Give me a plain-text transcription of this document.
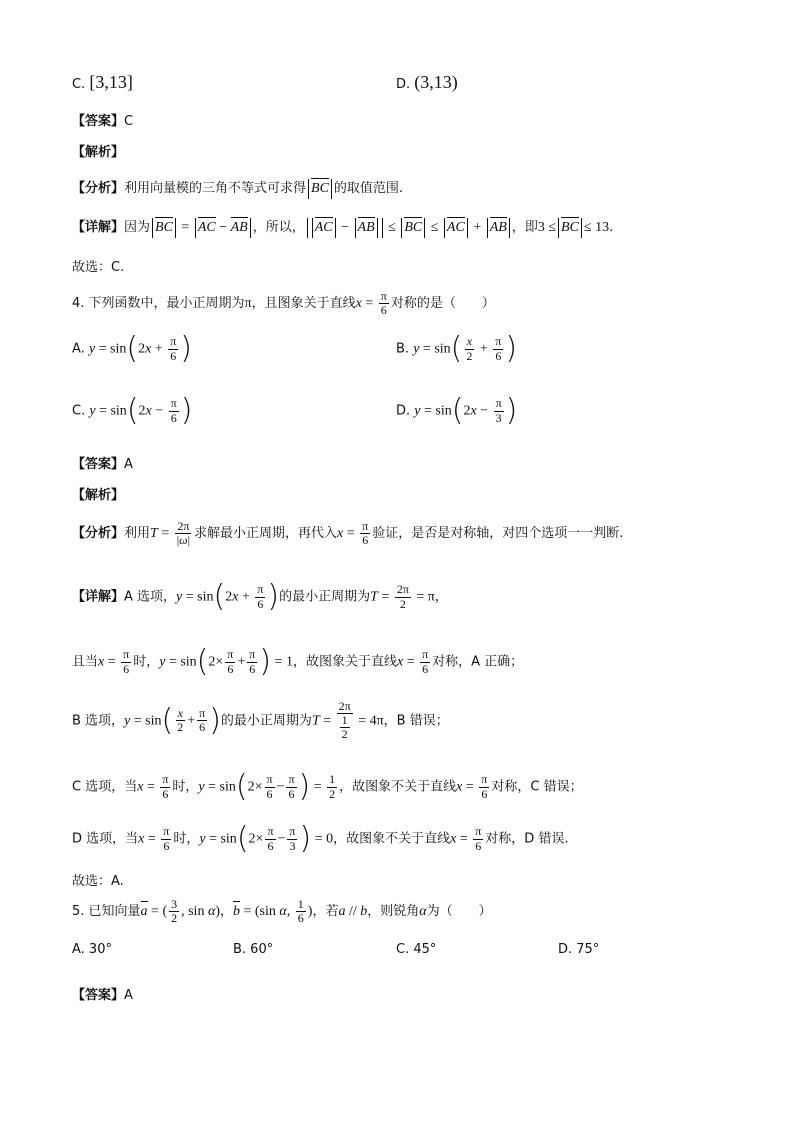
C. [3,13]	D. (3,13)
【答案】C
【解析】
【分析】利用向量模的三角不等式可求得 BC 的取值范围.
【详解】因为 BC = AC − AB ，所以， AC − AB ≤ BC ≤ AC + AB ，即3 ≤ BC ≤ 13.
故选：C.
4. 下列函数中，最小正周期为π，且图象关于直线$x = \frac{\pi}{6}$ 对称的是（　　）
A. $y = \sin(2x + \frac{\pi}{6}$ )	B. $y = \sin( \frac{x}{2} + \frac{\pi}{6}$ )
C. $y = \sin(2x - \frac{\pi}{6}$ )	D. $y = \sin(2x - \frac{\pi}{3}$ )
【答案】A
【解析】
【分析】利用$T = \frac{2\pi}{|\omega|}$ 求解最小正周期，再代入$x = \frac{\pi}{6}$ 验证，是否是对称轴，对四个选项一一判断.
【详解】A 选项，$y = \sin(2x + \frac{\pi}{6}$ )的最小正周期为$T = \frac{2\pi}{2} = \pi$，
且当$x = \frac{\pi}{6}$ 时，$y = \sin(2\times \frac{\pi}{6} + \frac{\pi}{6}$ ) = 1，故图象关于直线$x = \frac{\pi}{6}$ 对称，A 正确；
B 选项，$y = \sin( \frac{x}{2} + \frac{\pi}{6}$ )的最小正周期为$T = \frac{2\pi}{\frac{1}{2}} = 4\pi$，B 错误；
C 选项，当$x = \frac{\pi}{6}$ 时，$y = \sin(2\times \frac{\pi}{6} - \frac{\pi}{6}$ ) = $\frac{1}{2}$ ，故图象不关于直线$x = \frac{\pi}{6}$ 对称，C 错误；
D 选项，当$x = \frac{\pi}{6}$ 时，$y = \sin(2\times \frac{\pi}{6} - \frac{\pi}{3}$ ) = 0，故图象不关于直线$x = \frac{\pi}{6}$ 对称，D 错误.
故选：A.
5. 已知向量a = ( $\frac{3}{2}$ , sin α)，b = (sin α, $\frac{1}{6}$ )，若a // b，则锐角α为（　　）
A. 30°	B. 60°	C. 45°	D. 75°
【答案】A
